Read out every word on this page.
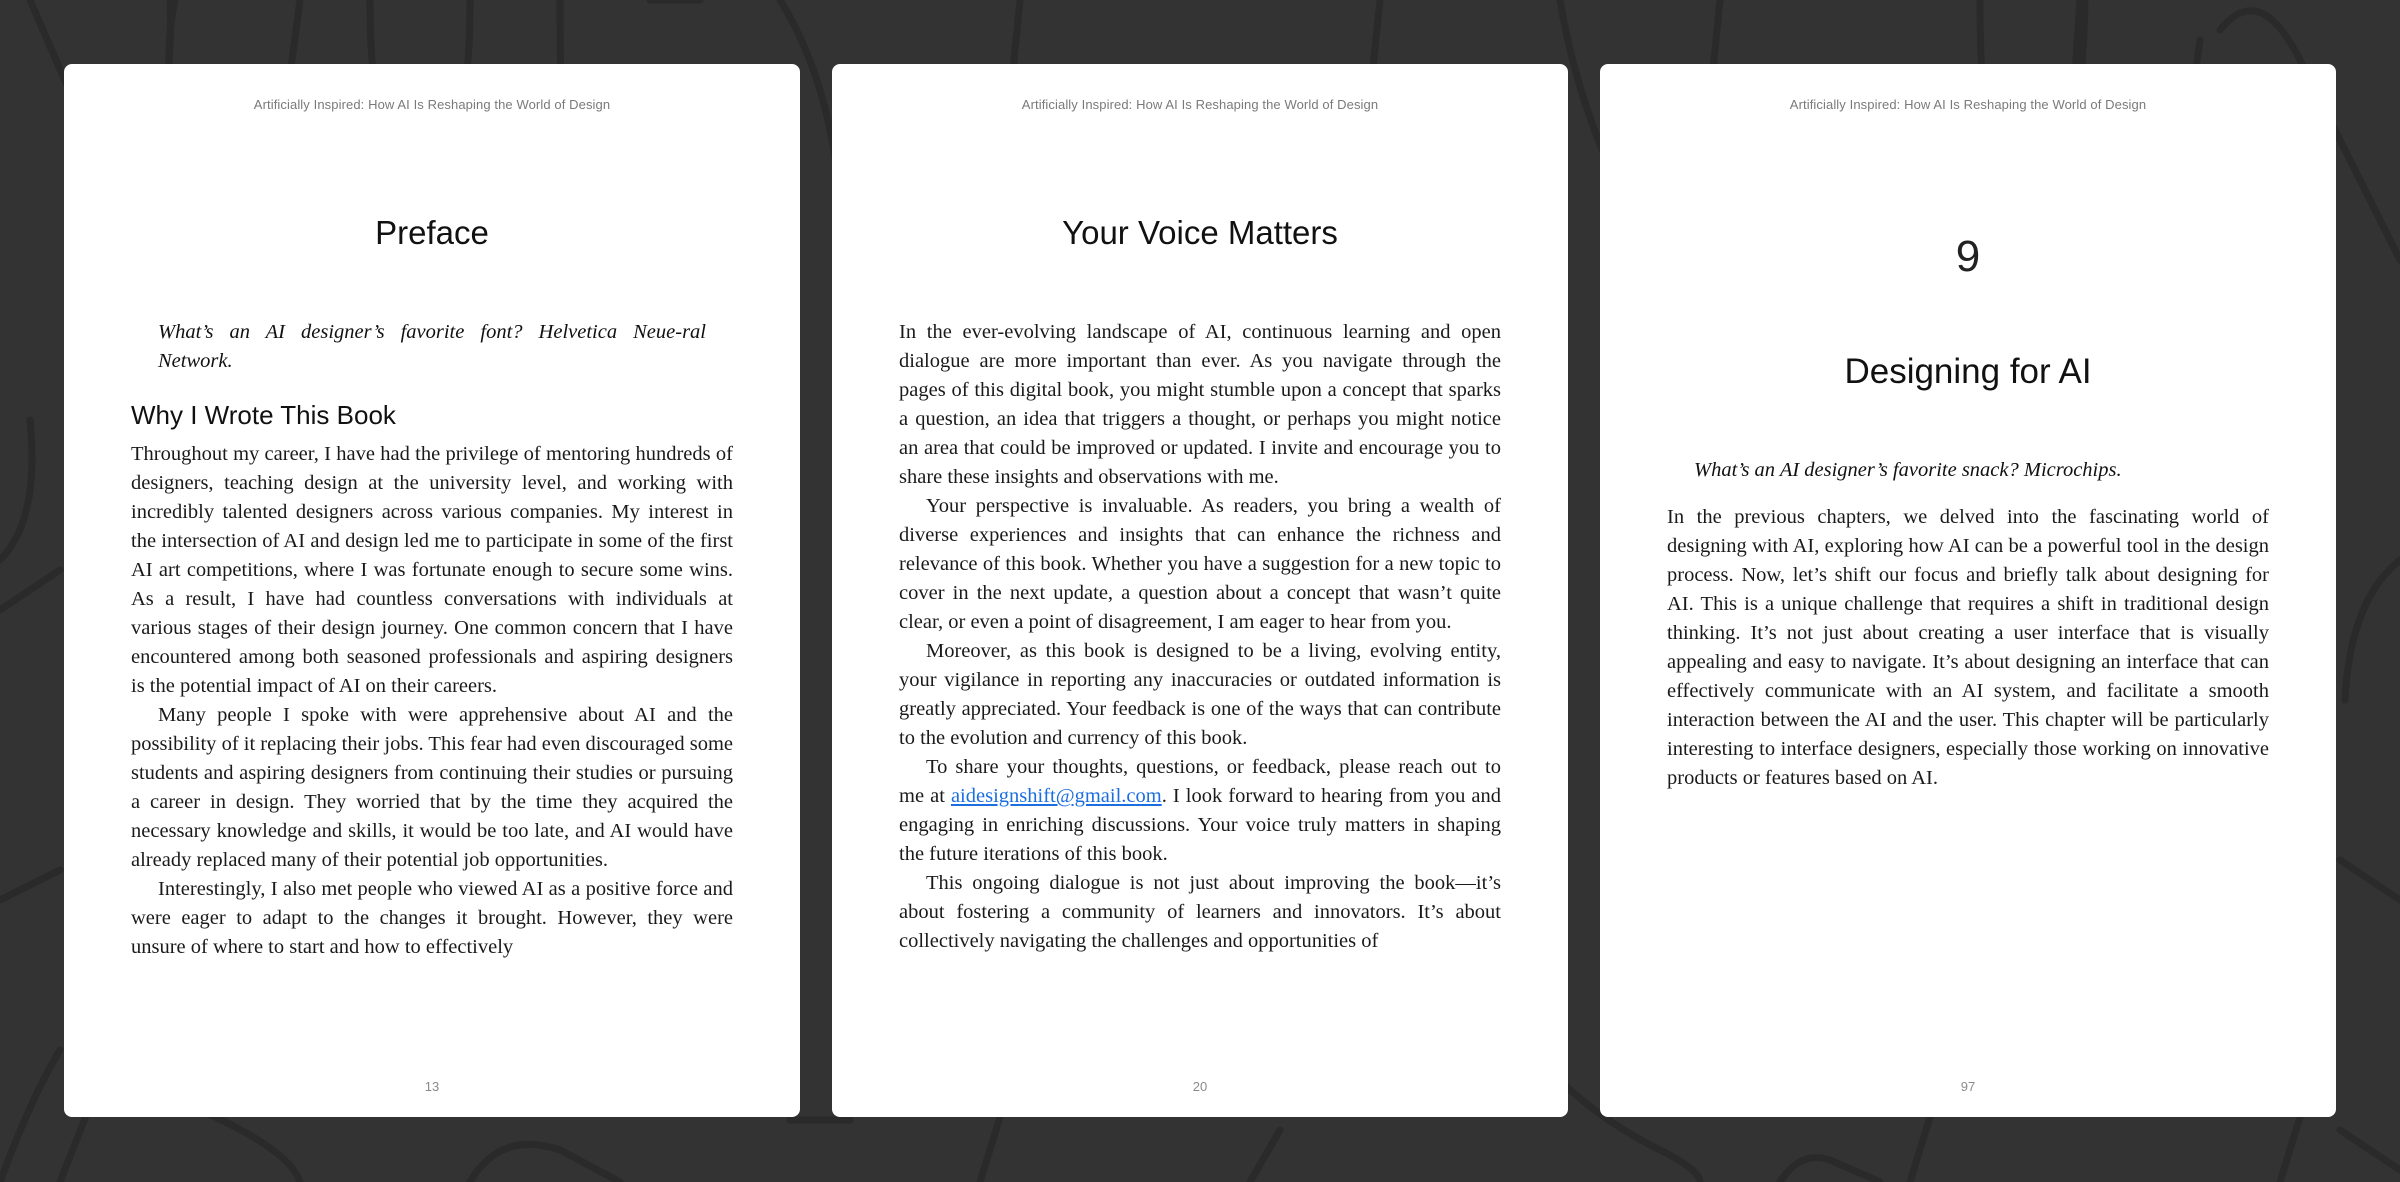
Artificially Inspired: How AI Is Reshaping the World of Design
Preface
What’s an AI designer’s favorite font? Helvetica Neue-ral Network.
Why I Wrote This Book

Throughout my career, I have had the privilege of mentoring hundreds of designers, teaching design at the university level, and working with incredibly talented designers across various companies. My interest in the intersection of AI and design led me to participate in some of the first AI art competitions, where I was fortunate enough to secure some wins. As a result, I have had countless conversations with individuals at various stages of their design journey. One common concern that I have encountered among both seasoned professionals and aspiring designers is the potential impact of AI on their careers.

Many people I spoke with were apprehensive about AI and the possibility of it replacing their jobs. This fear had even discouraged some students and aspiring designers from continuing their studies or pursuing a career in design. They worried that by the time they acquired the necessary knowledge and skills, it would be too late, and AI would have already replaced many of their potential job opportunities.

Interestingly, I also met people who viewed AI as a positive force and were eager to adapt to the changes it brought. However, they were unsure of where to start and how to effectively

13
Artificially Inspired: How AI Is Reshaping the World of Design
Your Voice Matters

In the ever-evolving landscape of AI, continuous learning and open dialogue are more important than ever. As you navigate through the pages of this digital book, you might stumble upon a concept that sparks a question, an idea that triggers a thought, or perhaps you might notice an area that could be improved or updated. I invite and encourage you to share these insights and observations with me.

Your perspective is invaluable. As readers, you bring a wealth of diverse experiences and insights that can enhance the richness and relevance of this book. Whether you have a suggestion for a new topic to cover in the next update, a question about a concept that wasn’t quite clear, or even a point of disagreement, I am eager to hear from you.

Moreover, as this book is designed to be a living, evolving entity, your vigilance in reporting any inaccuracies or outdated information is greatly appreciated. Your feedback is one of the ways that can contribute to the evolution and currency of this book.

To share your thoughts, questions, or feedback, please reach out to me at aidesignshift@gmail.com. I look forward to hearing from you and engaging in enriching discussions. Your voice truly matters in shaping the future iterations of this book.

This ongoing dialogue is not just about improving the book—it’s about fostering a community of learners and innovators. It’s about collectively navigating the challenges and opportunities of

20
Artificially Inspired: How AI Is Reshaping the World of Design
9
Designing for AI
What’s an AI designer’s favorite snack? Microchips.

In the previous chapters, we delved into the fascinating world of designing with AI, exploring how AI can be a powerful tool in the design process. Now, let’s shift our focus and briefly talk about designing for AI. This is a unique challenge that requires a shift in traditional design thinking. It’s not just about creating a user interface that is visually appealing and easy to navigate. It’s about designing an interface that can effectively communicate with an AI system, and facilitate a smooth interaction between the AI and the user. This chapter will be particularly interesting to interface designers, especially those working on innovative products or features based on AI.

97
